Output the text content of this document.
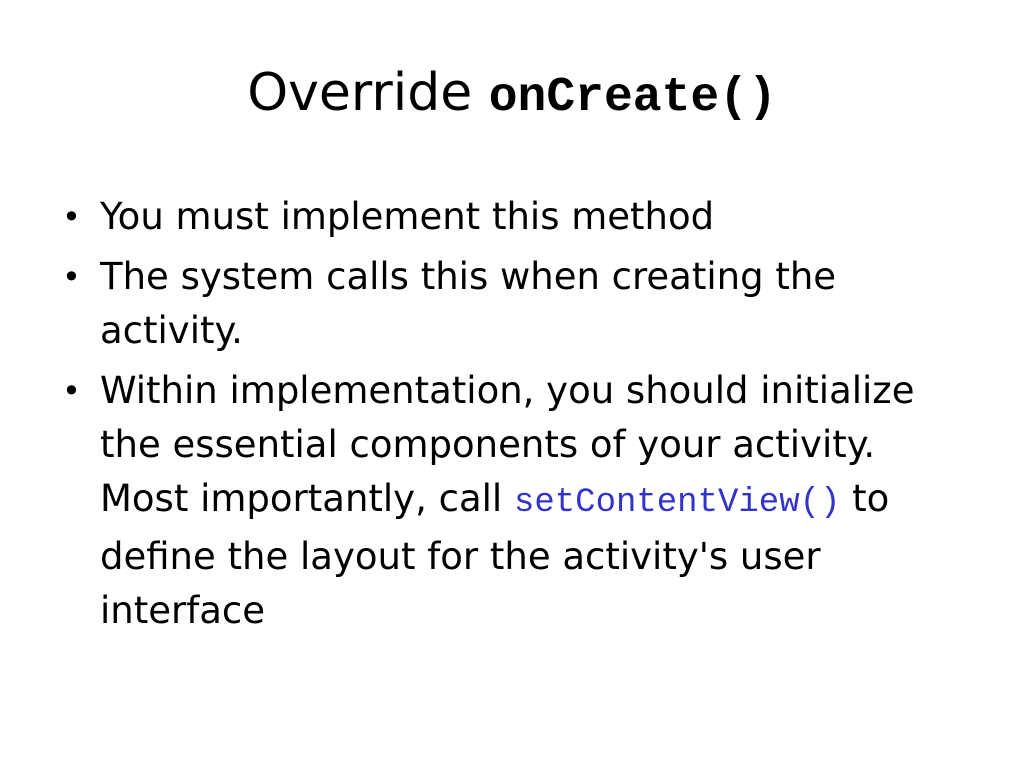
Override onCreate()
• You must implement this method
• The system calls this when creating the activity.
• Within implementation, you should initialize the essential components of your activity. Most importantly, call setContentView() to define the layout for the activity's user interface
